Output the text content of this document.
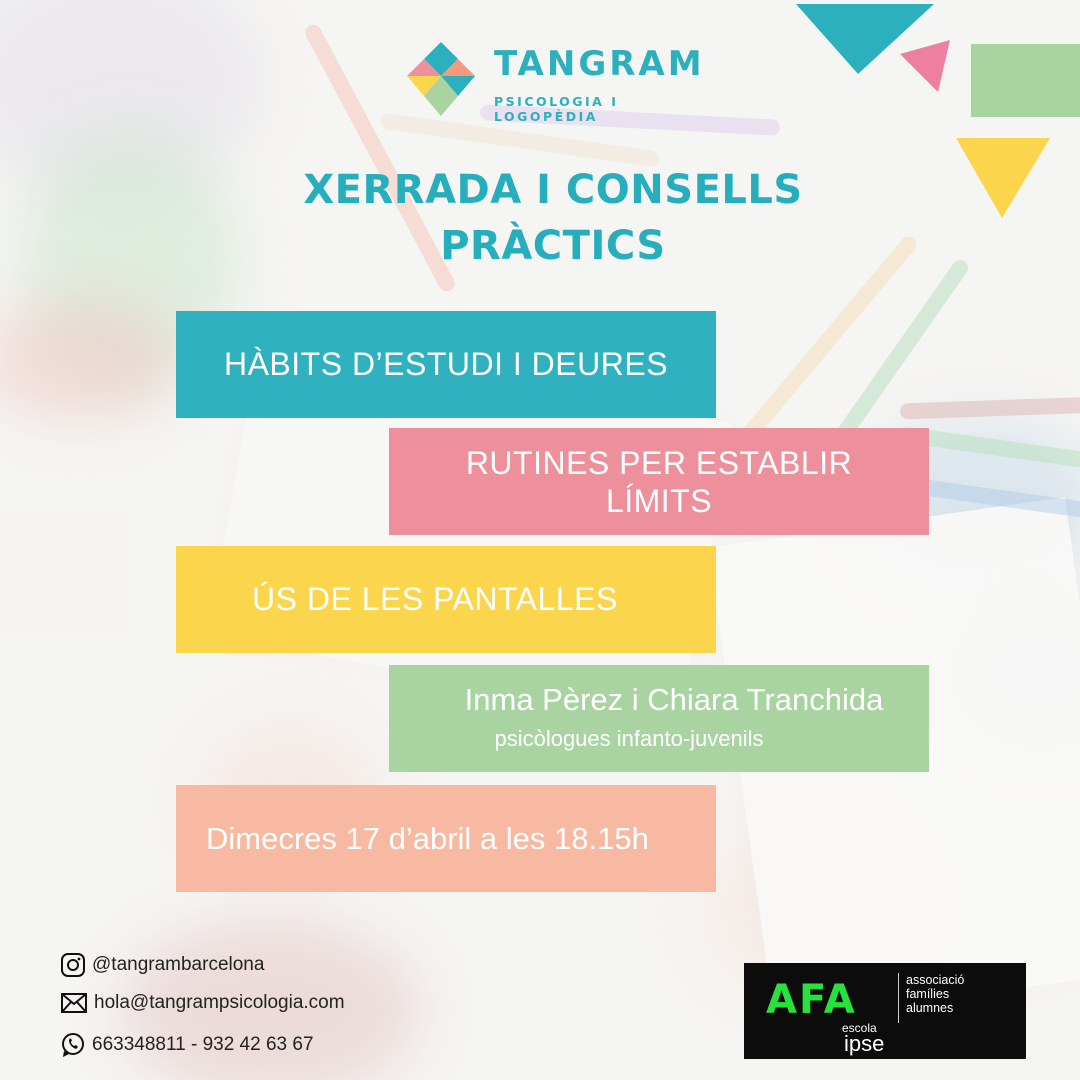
TANGRAM
PSICOLOGIA I LOGOPÈDIA
XERRADA I CONSELLS
PRÀCTICS
HÀBITS D’ESTUDI I DEURES
RUTINES PER ESTABLIR
LÍMITS
ÚS DE LES PANTALLES
Inma Pèrez i Chiara Tranchida
psicòlogues infanto-juvenils
Dimecres 17 d’abril a les 18.15h
@tangrambarcelona
hola@tangrampsicologia.com
663348811 - 932 42 63 67
AFA
escola
ipse
associació
famílies
alumnes
